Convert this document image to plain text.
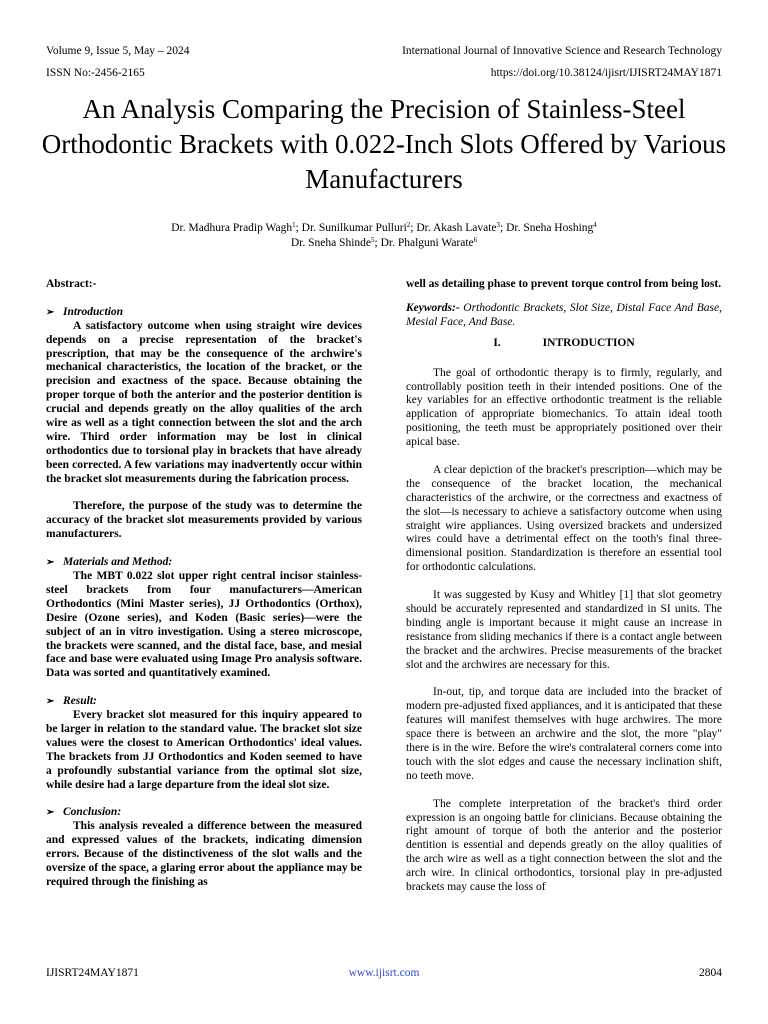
Volume 9, Issue 5, May – 2024	International Journal of Innovative Science and Research Technology
ISSN No:-2456-2165	https://doi.org/10.38124/ijisrt/IJISRT24MAY1871
An Analysis Comparing the Precision of Stainless-Steel Orthodontic Brackets with 0.022-Inch Slots Offered by Various Manufacturers
Dr. Madhura Pradip Wagh$^1$; Dr. Sunilkumar Pulluri$^2$; Dr. Akash Lavate$^3$; Dr. Sneha Hoshing$^4$
Dr. Sneha Shinde$^5$; Dr. Phalguni Warate$^6$

Abstract:-

➢ Introduction

A satisfactory outcome when using straight wire devices depends on a precise representation of the bracket's prescription, that may be the consequence of the archwire's mechanical characteristics, the location of the bracket, or the precision and exactness of the space. Because obtaining the proper torque of both the anterior and the posterior dentition is crucial and depends greatly on the alloy qualities of the arch wire as well as a tight connection between the slot and the arch wire. Third order information may be lost in clinical orthodontics due to torsional play in brackets that have already been corrected. A few variations may inadvertently occur within the bracket slot measurements during the fabrication process.

Therefore, the purpose of the study was to determine the accuracy of the bracket slot measurements provided by various manufacturers.

➢ Materials and Method:

The MBT 0.022 slot upper right central incisor stainless-steel brackets from four manufacturers—American Orthodontics (Mini Master series), JJ Orthodontics (Orthox), Desire (Ozone series), and Koden (Basic series)—were the subject of an in vitro investigation. Using a stereo microscope, the brackets were scanned, and the distal face, base, and mesial face and base were evaluated using Image Pro analysis software. Data was sorted and quantitatively examined.

➢ Result:

Every bracket slot measured for this inquiry appeared to be larger in relation to the standard value. The bracket slot size values were the closest to American Orthodontics' ideal values. The brackets from JJ Orthodontics and Koden seemed to have a profoundly substantial variance from the optimal slot size, while desire had a large departure from the ideal slot size.

➢ Conclusion:

This analysis revealed a difference between the measured and expressed values of the brackets, indicating dimension errors. Because of the distinctiveness of the slot walls and the oversize of the space, a glaring error about the appliance may be required through the finishing as

well as detailing phase to prevent torque control from being lost.

Keywords:- Orthodontic Brackets, Slot Size, Distal Face And Base, Mesial Face, And Base.

I.	INTRODUCTION

The goal of orthodontic therapy is to firmly, regularly, and controllably position teeth in their intended positions. One of the key variables for an effective orthodontic treatment is the reliable application of appropriate biomechanics. To attain ideal tooth positioning, the teeth must be appropriately positioned over their apical base.

A clear depiction of the bracket's prescription—which may be the consequence of the bracket location, the mechanical characteristics of the archwire, or the correctness and exactness of the slot—is necessary to achieve a satisfactory outcome when using straight wire appliances. Using oversized brackets and undersized wires could have a detrimental effect on the tooth's final three-dimensional position. Standardization is therefore an essential tool for orthodontic calculations.

It was suggested by Kusy and Whitley [1] that slot geometry should be accurately represented and standardized in SI units. The binding angle is important because it might cause an increase in resistance from sliding mechanics if there is a contact angle between the bracket and the archwires. Precise measurements of the bracket slot and the archwires are necessary for this.

In-out, tip, and torque data are included into the bracket of modern pre-adjusted fixed appliances, and it is anticipated that these features will manifest themselves with huge archwires. The more space there is between an archwire and the slot, the more "play" there is in the wire. Before the wire's contralateral corners come into touch with the slot edges and cause the necessary inclination shift, no teeth move.

The complete interpretation of the bracket's third order expression is an ongoing battle for clinicians. Because obtaining the right amount of torque of both the anterior and the posterior dentition is essential and depends greatly on the alloy qualities of the arch wire as well as a tight connection between the slot and the arch wire. In clinical orthodontics, torsional play in pre-adjusted brackets may cause the loss of

IJISRT24MAY1871	www.ijisrt.com	2804
